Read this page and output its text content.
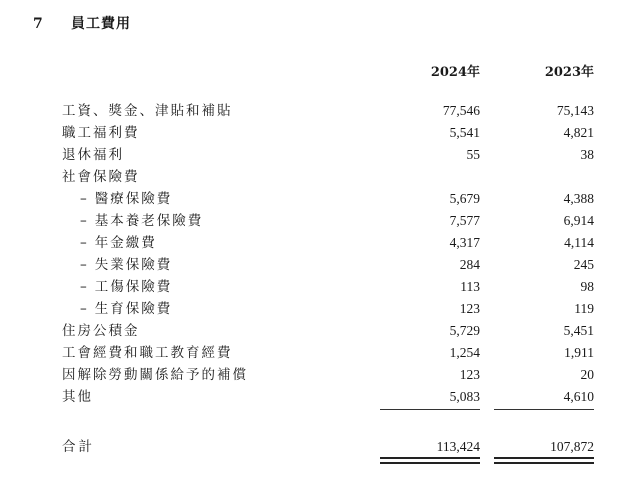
7 員工費用
2024年	2023年
工資、獎金、津貼和補貼	77,546	75,143
職工福利費	5,541	4,821
退休福利	55	38
社會保險費
– 醫療保險費	5,679	4,388
– 基本養老保險費	7,577	6,914
– 年金繳費	4,317	4,114
– 失業保險費	284	245
– 工傷保險費	113	98
– 生育保險費	123	119
住房公積金	5,729	5,451
工會經費和職工教育經費	1,254	1,911
因解除勞動關係給予的補償	123	20
其他	5,083	4,610
合計	113,424	107,872
